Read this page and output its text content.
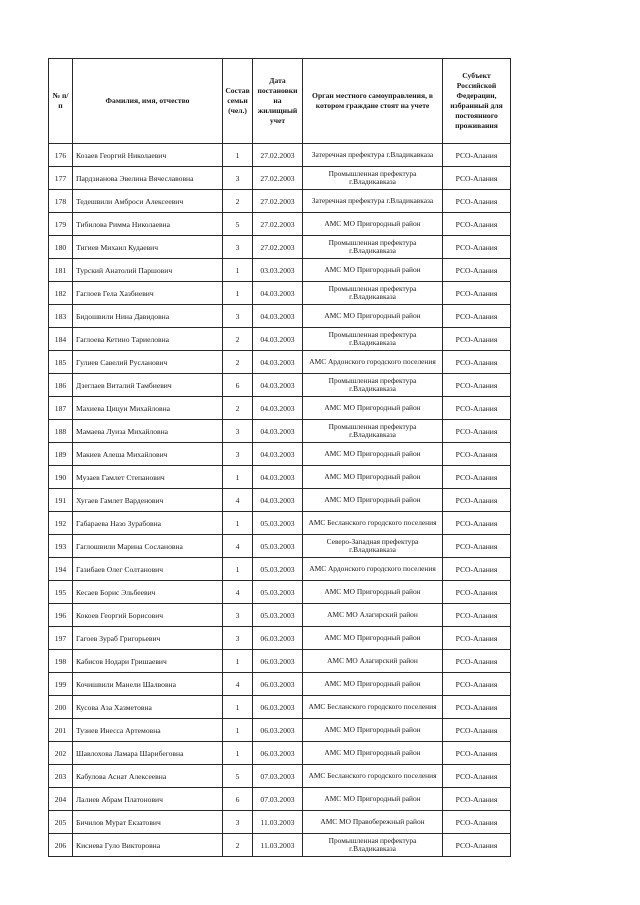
№ п/п	Фамилия, имя, отчество	Состав семьи (чел.)	Дата постановки на жилищный учет	Орган местного самоуправления, в котором граждане стоят на учете	Субъект Российской Федерации, избранный для постоянного проживания
176	Козаев Георгий Николаевич	1	27.02.2003	Затеречная префектура г.Владикавказа	РСО-Алания
177	Пардзианова Эвелина Вячеславовна	3	27.02.2003	Промышленная префектура г.Владикавказа	РСО-Алания
178	Тедешвили Амброси Алексеевич	2	27.02.2003	Затеречная префектура г.Владикавказа	РСО-Алания
179	Тибилова Римма Николаевна	5	27.02.2003	АМС МО Пригородный район	РСО-Алания
180	Тигиев Михаил Кудаевич	3	27.02.2003	Промышленная префектура г.Владикавказа	РСО-Алания
181	Турский Анатолий Паршович	1	03.03.2003	АМС МО Пригородный район	РСО-Алания
182	Гаглоев Гела Хазбиевич	1	04.03.2003	Промышленная префектура г.Владикавказа	РСО-Алания
183	Бидошвили Нина Давидовна	3	04.03.2003	АМС МО Пригородный район	РСО-Алания
184	Гаглоева Кетино Тариеловна	2	04.03.2003	Промышленная префектура г.Владикавказа	РСО-Алания
185	Гулиев Савелий Русланович	2	04.03.2003	АМС Ардонского городского поселения	РСО-Алания
186	Дзеглаев Виталий Тамбиевич	6	04.03.2003	Промышленная префектура г.Владикавказа	РСО-Алания
187	Махиева Цицуи Михайловна	2	04.03.2003	АМС МО Пригородный район	РСО-Алания
188	Мамаева Луиза Михайловна	3	04.03.2003	Промышленная префектура г.Владикавказа	РСО-Алания
189	Макиев Алеша Михайлович	3	04.03.2003	АМС МО Пригородный район	РСО-Алания
190	Музаев Гамлет Степанович	1	04.03.2003	АМС МО Пригородный район	РСО-Алания
191	Хугаев Гамлет Варденович	4	04.03.2003	АМС МО Пригородный район	РСО-Алания
192	Габараева Назо Зурабовна	1	05.03.2003	АМС Бесланского городского поселения	РСО-Алания
193	Гаглошвили Марина Сослановна	4	05.03.2003	Северо-Западная префектура г.Владикавказа	РСО-Алания
194	Газибаев Олег Солтанович	1	05.03.2003	АМС Ардонского городского поселения	РСО-Алания
195	Кесаев Борис Эльбеевич	4	05.03.2003	АМС МО Пригородный район	РСО-Алания
196	Кокоев Георгий Борисович	3	05.03.2003	АМС МО Алагирский район	РСО-Алания
197	Гагоев Зураб Григорьевич	3	06.03.2003	АМС МО Пригородный район	РСО-Алания
198	Кабисов Нодари Гришаевич	1	06.03.2003	АМС МО Алагирский район	РСО-Алания
199	Кочишвили Манели Шалвовна	4	06.03.2003	АМС МО Пригородный район	РСО-Алания
200	Кусова Аза Хазметовна	1	06.03.2003	АМС Бесланского городского поселения	РСО-Алания
201	Тузиев Инесса Артемовна	1	06.03.2003	АМС МО Пригородный район	РСО-Алания
202	Шавлохова Ламара Шарибеговна	1	06.03.2003	АМС МО Пригородный район	РСО-Алания
203	Кабулова Аснат Алексеевна	5	07.03.2003	АМС Бесланского городского поселения	РСО-Алания
204	Лалиев Абрам Платонович	6	07.03.2003	АМС МО Пригородный район	РСО-Алания
205	Бичилов Мурат Екзатович	3	11.03.2003	АМС МО Правобережный район	РСО-Алания
206	Кисиева Гуло Викторовна	2	11.03.2003	Промышленная префектура г.Владикавказа	РСО-Алания
